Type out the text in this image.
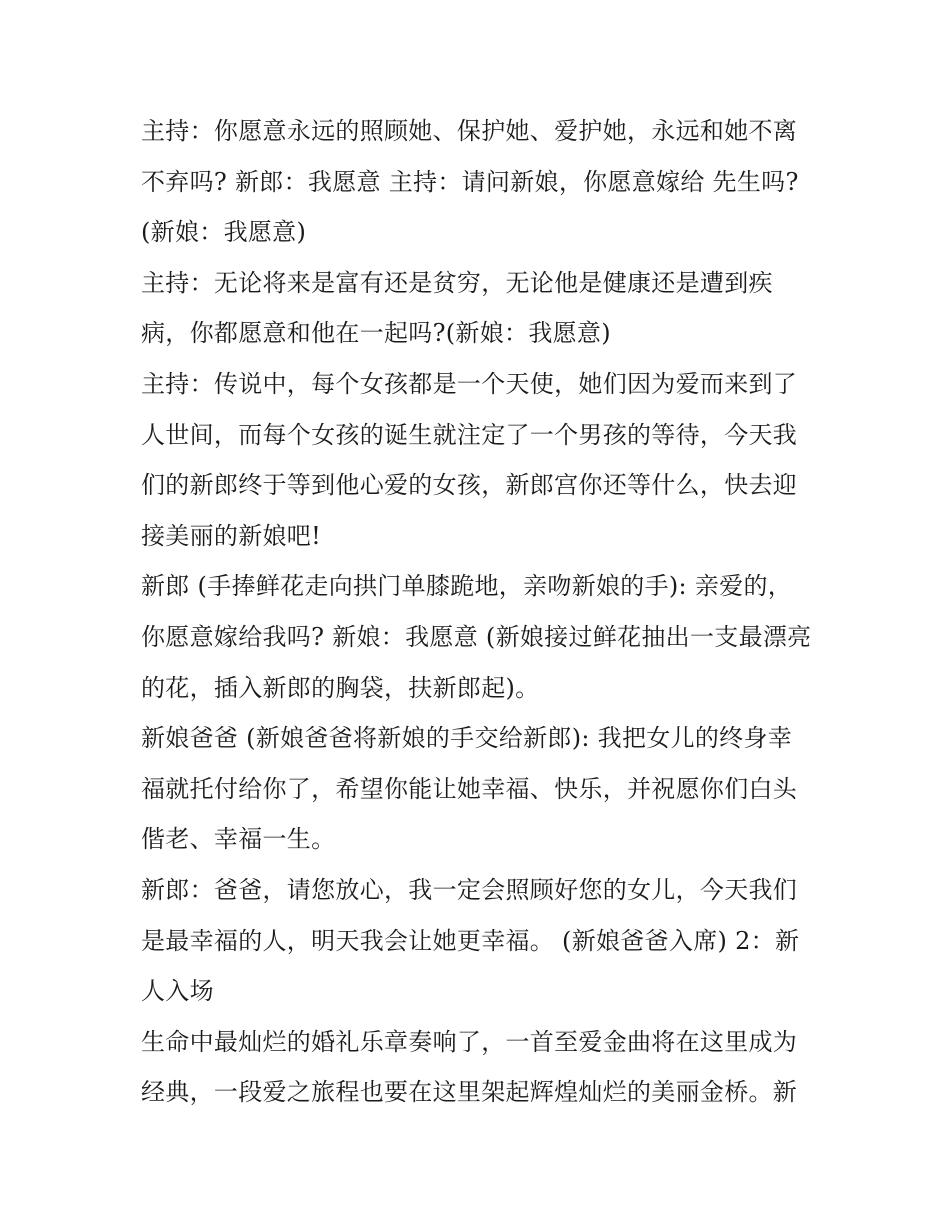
主持：你愿意永远的照顾她、保护她、爱护她，永远和她不离不弃吗? 新郎：我愿意 主持：请问新娘，你愿意嫁给 先生吗?(新娘：我愿意)

主持：无论将来是富有还是贫穷，无论他是健康还是遭到疾病，你都愿意和他在一起吗?(新娘：我愿意)

主持：传说中，每个女孩都是一个天使，她们因为爱而来到了人世间，而每个女孩的诞生就注定了一个男孩的等待，今天我们的新郎终于等到他心爱的女孩，新郎宫你还等什么，快去迎接美丽的新娘吧!

新郎 (手捧鲜花走向拱门单膝跪地，亲吻新娘的手): 亲爱的，你愿意嫁给我吗? 新娘：我愿意 (新娘接过鲜花抽出一支最漂亮的花，插入新郎的胸袋，扶新郎起)。

新娘爸爸 (新娘爸爸将新娘的手交给新郎): 我把女儿的终身幸福就托付给你了，希望你能让她幸福、快乐，并祝愿你们白头偕老、幸福一生。

新郎：爸爸，请您放心，我一定会照顾好您的女儿，今天我们是最幸福的人，明天我会让她更幸福。 (新娘爸爸入席) 2：新人入场

生命中最灿烂的婚礼乐章奏响了，一首至爱金曲将在这里成为经典，一段爱之旅程也要在这里架起辉煌灿烂的美丽金桥。新
